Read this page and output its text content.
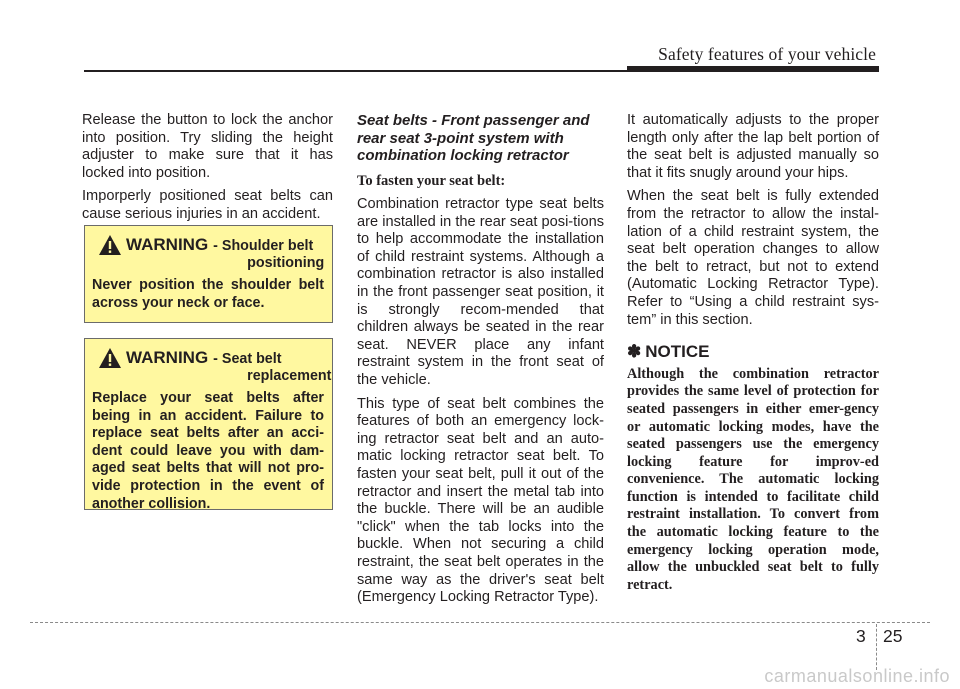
Safety features of your vehicle

Release the button to lock the anchor into position. Try sliding the height adjuster to make sure that it has locked into position.

Imporperly positioned seat belts can cause serious injuries in an accident.

WARNING - Shoulder belt
positioning
Never position the shoulder belt across your neck or face.
WARNING - Seat belt
replacement
Replace your seat belts after being in an accident. Failure to replace seat belts after an acci-dent could leave you with dam-aged seat belts that will not pro-vide protection in the event of another collision.
Seat belts - Front passenger and rear seat 3-point system with combination locking retractor
To fasten your seat belt:

Combination retractor type seat belts are installed in the rear seat posi-tions to help accommodate the installation of child restraint systems. Although a combination retractor is also installed in the front passenger seat position, it is strongly recom-mended that children always be seated in the rear seat. NEVER place any infant restraint system in the front seat of the vehicle.

This type of seat belt combines the features of both an emergency lock-ing retractor seat belt and an auto-matic locking retractor seat belt. To fasten your seat belt, pull it out of the retractor and insert the metal tab into the buckle. There will be an audible "click" when the tab locks into the buckle. When not securing a child restraint, the seat belt operates in the same way as the driver's seat belt (Emergency Locking Retractor Type).

It automatically adjusts to the proper length only after the lap belt portion of the seat belt is adjusted manually so that it fits snugly around your hips.

When the seat belt is fully extended from the retractor to allow the instal-lation of a child restraint system, the seat belt operation changes to allow the belt to retract, but not to extend (Automatic Locking Retractor Type). Refer to “Using a child restraint sys-tem” in this section.

✽ NOTICE
Although the combination retractor provides the same level of protection for seated passengers in either emer-gency or automatic locking modes, have the seated passengers use the emergency locking feature for improv-ed convenience. The automatic locking function is intended to facilitate child restraint installation. To convert from the automatic locking feature to the emergency locking operation mode, allow the unbuckled seat belt to fully retract.
3 25
carmanualsonline.info
